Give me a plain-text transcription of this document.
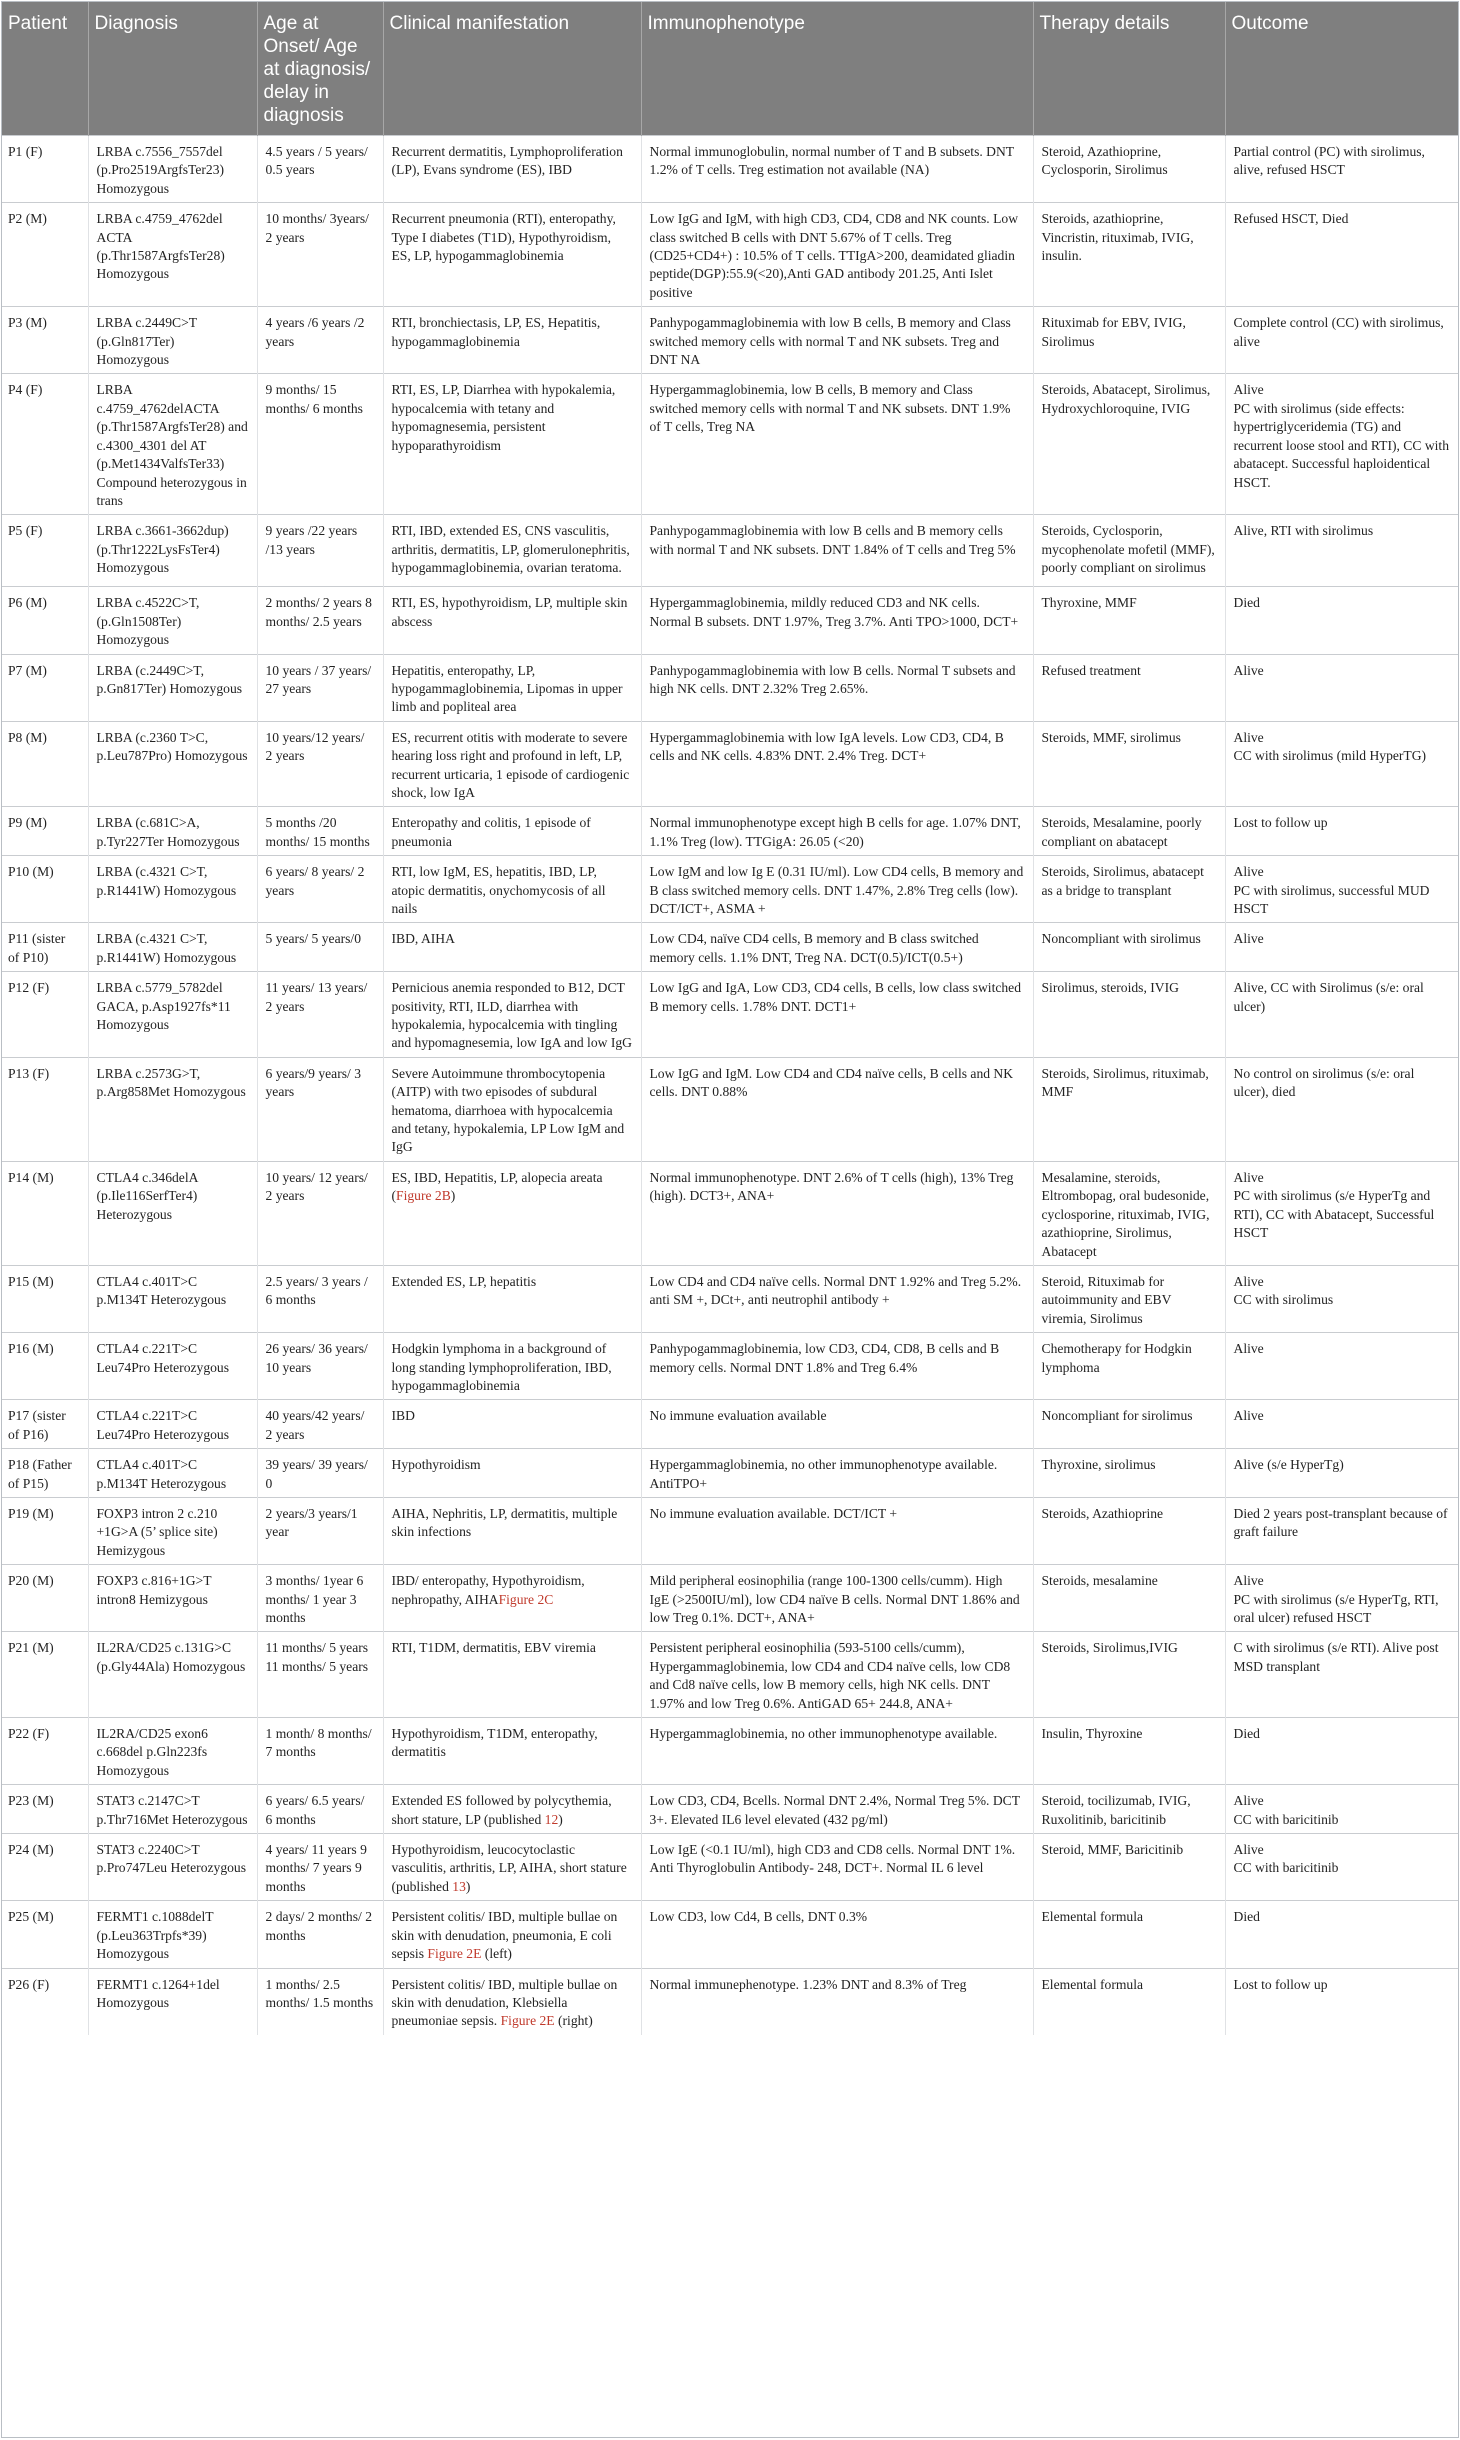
Patient	Diagnosis	Age at Onset/ Age at diagnosis/ delay in diagnosis	Clinical manifestation	Immunophenotype	Therapy details	Outcome

P1 (F)	LRBA c.7556_7557del (p.Pro2519ArgfsTer23) Homozygous	4.5 years / 5 years/ 0.5 years	Recurrent dermatitis, Lymphoproliferation (LP), Evans syndrome (ES), IBD	Normal immunoglobulin, normal number of T and B subsets. DNT 1.2% of T cells. Treg estimation not available (NA)	Steroid, Azathioprine, Cyclosporin, Sirolimus	Partial control (PC) with sirolimus, alive, refused HSCT

P2 (M)	LRBA c.4759_4762del ACTA (p.Thr1587ArgfsTer28) Homozygous	10 months/ 3years/ 2 years	Recurrent pneumonia (RTI), enteropathy, Type I diabetes (T1D), Hypothyroidism, ES, LP, hypogammaglobinemia	Low IgG and IgM, with high CD3, CD4, CD8 and NK counts. Low class switched B cells with DNT 5.67% of T cells. Treg (CD25+CD4+) : 10.5% of T cells. TTIgA>200, deamidated gliadin peptide(DGP):55.9(<20),Anti GAD antibody 201.25, Anti Islet positive	Steroids, azathioprine, Vincristin, rituximab, IVIG, insulin.	Refused HSCT, Died

P3 (M)	LRBA c.2449C>T (p.Gln817Ter) Homozygous	4 years /6 years /2 years	RTI, bronchiectasis, LP, ES, Hepatitis, hypogammaglobinemia	Panhypogammaglobinemia with low B cells, B memory and Class switched memory cells with normal T and NK subsets. Treg and DNT NA	Rituximab for EBV, IVIG, Sirolimus	Complete control (CC) with sirolimus, alive

P4 (F)	LRBA c.4759_4762delACTA (p.Thr1587ArgfsTer28) and c.4300_4301 del AT (p.Met1434ValfsTer33) Compound heterozygous in trans	9 months/ 15 months/ 6 months	RTI, ES, LP, Diarrhea with hypokalemia, hypocalcemia with tetany and hypomagnesemia, persistent hypoparathyroidism	Hypergammaglobinemia, low B cells, B memory and Class switched memory cells with normal T and NK subsets. DNT 1.9% of T cells, Treg NA	Steroids, Abatacept, Sirolimus, Hydroxychloroquine, IVIG	Alive
PC with sirolimus (side effects: hypertriglyceridemia (TG) and recurrent loose stool and RTI), CC with abatacept. Successful haploidentical HSCT.

P5 (F)	LRBA c.3661-3662dup) (p.Thr1222LysFsTer4) Homozygous	9 years /22 years /13 years	RTI, IBD, extended ES, CNS vasculitis, arthritis, dermatitis, LP, glomerulonephritis, hypogammaglobinemia, ovarian teratoma.	Panhypogammaglobinemia with low B cells and B memory cells with normal T and NK subsets. DNT 1.84% of T cells and Treg 5%	Steroids, Cyclosporin, mycophenolate mofetil (MMF), poorly compliant on sirolimus	Alive, RTI with sirolimus

P6 (M)	LRBA c.4522C>T, (p.Gln1508Ter) Homozygous	2 months/ 2 years 8 months/ 2.5 years	RTI, ES, hypothyroidism, LP, multiple skin abscess	Hypergammaglobinemia, mildly reduced CD3 and NK cells. Normal B subsets. DNT 1.97%, Treg 3.7%. Anti TPO>1000, DCT+	Thyroxine, MMF	Died

P7 (M)	LRBA (c.2449C>T, p.Gn817Ter) Homozygous	10 years / 37 years/ 27 years	Hepatitis, enteropathy, LP, hypogammaglobinemia, Lipomas in upper limb and popliteal area	Panhypogammaglobinemia with low B cells. Normal T subsets and high NK cells. DNT 2.32% Treg 2.65%.	Refused treatment	Alive

P8 (M)	LRBA (c.2360 T>C, p.Leu787Pro) Homozygous	10 years/12 years/ 2 years	ES, recurrent otitis with moderate to severe hearing loss right and profound in left, LP, recurrent urticaria, 1 episode of cardiogenic shock, low IgA	Hypergammaglobinemia with low IgA levels. Low CD3, CD4, B cells and NK cells. 4.83% DNT. 2.4% Treg. DCT+	Steroids, MMF, sirolimus	Alive
CC with sirolimus (mild HyperTG)

P9 (M)	LRBA (c.681C>A, p.Tyr227Ter Homozygous	5 months /20 months/ 15 months	Enteropathy and colitis, 1 episode of pneumonia	Normal immunophenotype except high B cells for age. 1.07% DNT, 1.1% Treg (low). TTGigA: 26.05 (<20)	Steroids, Mesalamine, poorly compliant on abatacept	Lost to follow up

P10 (M)	LRBA (c.4321 C>T, p.R1441W) Homozygous	6 years/ 8 years/ 2 years	RTI, low IgM, ES, hepatitis, IBD, LP, atopic dermatitis, onychomycosis of all nails	Low IgM and low Ig E (0.31 IU/ml). Low CD4 cells, B memory and B class switched memory cells. DNT 1.47%, 2.8% Treg cells (low). DCT/ICT+, ASMA +	Steroids, Sirolimus, abatacept as a bridge to transplant	Alive
PC with sirolimus, successful MUD HSCT

P11 (sister of P10)	LRBA (c.4321 C>T, p.R1441W) Homozygous	5 years/ 5 years/0	IBD, AIHA	Low CD4, naïve CD4 cells, B memory and B class switched memory cells. 1.1% DNT, Treg NA. DCT(0.5)/ICT(0.5+)	Noncompliant with sirolimus	Alive

P12 (F)	LRBA c.5779_5782del GACA, p.Asp1927fs*11 Homozygous	11 years/ 13 years/ 2 years	Pernicious anemia responded to B12, DCT positivity, RTI, ILD, diarrhea with hypokalemia, hypocalcemia with tingling and hypomagnesemia, low IgA and low IgG	Low IgG and IgA, Low CD3, CD4 cells, B cells, low class switched B memory cells. 1.78% DNT. DCT1+	Sirolimus, steroids, IVIG	Alive, CC with Sirolimus (s/e: oral ulcer)

P13 (F)	LRBA c.2573G>T, p.Arg858Met Homozygous	6 years/9 years/ 3 years	Severe Autoimmune thrombocytopenia (AITP) with two episodes of subdural hematoma, diarrhoea with hypocalcemia and tetany, hypokalemia, LP Low IgM and IgG	Low IgG and IgM. Low CD4 and CD4 naïve cells, B cells and NK cells. DNT 0.88%	Steroids, Sirolimus, rituximab, MMF	No control on sirolimus (s/e: oral ulcer), died

P14 (M)	CTLA4 c.346delA (p.Ile116SerfTer4) Heterozygous	10 years/ 12 years/ 2 years	ES, IBD, Hepatitis, LP, alopecia areata (Figure 2B)	Normal immunophenotype. DNT 2.6% of T cells (high), 13% Treg (high). DCT3+, ANA+	Mesalamine, steroids, Eltrombopag, oral budesonide, cyclosporine, rituximab, IVIG, azathioprine, Sirolimus, Abatacept	Alive
PC with sirolimus (s/e HyperTg and RTI), CC with Abatacept, Successful HSCT

P15 (M)	CTLA4 c.401T>C p.M134T Heterozygous	2.5 years/ 3 years / 6 months	Extended ES, LP, hepatitis	Low CD4 and CD4 naïve cells. Normal DNT 1.92% and Treg 5.2%. anti SM +, DCt+, anti neutrophil antibody +	Steroid, Rituximab for autoimmunity and EBV viremia, Sirolimus	Alive
CC with sirolimus

P16 (M)	CTLA4 c.221T>C Leu74Pro Heterozygous	26 years/ 36 years/ 10 years	Hodgkin lymphoma in a background of long standing lymphoproliferation, IBD, hypogammaglobinemia	Panhypogammaglobinemia, low CD3, CD4, CD8, B cells and B memory cells. Normal DNT 1.8% and Treg 6.4%	Chemotherapy for Hodgkin lymphoma	Alive

P17 (sister of P16)	CTLA4 c.221T>C Leu74Pro Heterozygous	40 years/42 years/ 2 years	IBD	No immune evaluation available	Noncompliant for sirolimus	Alive

P18 (Father of P15)	CTLA4 c.401T>C p.M134T Heterozygous	39 years/ 39 years/ 0	Hypothyroidism	Hypergammaglobinemia, no other immunophenotype available. AntiTPO+	Thyroxine, sirolimus	Alive (s/e HyperTg)

P19 (M)	FOXP3 intron 2 c.210 +1G>A (5’ splice site) Hemizygous	2 years/3 years/1 year	AIHA, Nephritis, LP, dermatitis, multiple skin infections	No immune evaluation available. DCT/ICT +	Steroids, Azathioprine	Died 2 years post-transplant because of graft failure

P20 (M)	FOXP3 c.816+1G>T intron8 Hemizygous	3 months/ 1year 6 months/ 1 year 3 months	IBD/ enteropathy, Hypothyroidism, nephropathy, AIHAFigure 2C	Mild peripheral eosinophilia (range 100-1300 cells/cumm). High IgE (>2500IU/ml), low CD4 naïve B cells. Normal DNT 1.86% and low Treg 0.1%. DCT+, ANA+	Steroids, mesalamine	Alive
PC with sirolimus (s/e HyperTg, RTI, oral ulcer) refused HSCT

P21 (M)	IL2RA/CD25 c.131G>C (p.Gly44Ala) Homozygous	11 months/ 5 years 11 months/ 5 years	RTI, T1DM, dermatitis, EBV viremia	Persistent peripheral eosinophilia (593-5100 cells/cumm), Hypergammaglobinemia, low CD4 and CD4 naïve cells, low CD8 and Cd8 naïve cells, low B memory cells, high NK cells. DNT 1.97% and low Treg 0.6%. AntiGAD 65+ 244.8, ANA+	Steroids, Sirolimus,IVIG	C with sirolimus (s/e RTI). Alive post MSD transplant

P22 (F)	IL2RA/CD25 exon6 c.668del p.Gln223fs Homozygous	1 month/ 8 months/ 7 months	Hypothyroidism, T1DM, enteropathy, dermatitis	Hypergammaglobinemia, no other immunophenotype available.	Insulin, Thyroxine	Died

P23 (M)	STAT3 c.2147C>T p.Thr716Met Heterozygous	6 years/ 6.5 years/ 6 months	Extended ES followed by polycythemia, short stature, LP (published 12)	Low CD3, CD4, Bcells. Normal DNT 2.4%, Normal Treg 5%. DCT 3+. Elevated IL6 level elevated (432 pg/ml)	Steroid, tocilizumab, IVIG, Ruxolitinib, baricitinib	Alive
CC with baricitinib

P24 (M)	STAT3 c.2240C>T p.Pro747Leu Heterozygous	4 years/ 11 years 9 months/ 7 years 9 months	Hypothyroidism, leucocytoclastic vasculitis, arthritis, LP, AIHA, short stature (published 13)	Low IgE (<0.1 IU/ml), high CD3 and CD8 cells. Normal DNT 1%. Anti Thyroglobulin Antibody- 248, DCT+. Normal IL 6 level	Steroid, MMF, Baricitinib	Alive
CC with baricitinib

P25 (M)	FERMT1 c.1088delT (p.Leu363Trpfs*39) Homozygous	2 days/ 2 months/ 2 months	Persistent colitis/ IBD, multiple bullae on skin with denudation, pneumonia, E coli sepsis Figure 2E (left)	Low CD3, low Cd4, B cells, DNT 0.3%	Elemental formula	Died

P26 (F)	FERMT1 c.1264+1del Homozygous	1 months/ 2.5 months/ 1.5 months	Persistent colitis/ IBD, multiple bullae on skin with denudation, Klebsiella pneumoniae sepsis. Figure 2E (right)	Normal immunephenotype. 1.23% DNT and 8.3% of Treg	Elemental formula	Lost to follow up
